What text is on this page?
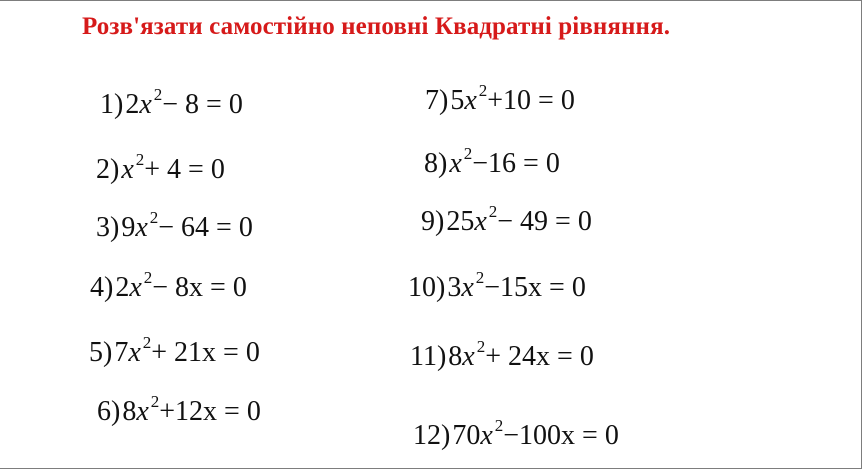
Розв'язати самостійно неповні Квадратні рівняння.
1)2x $^2$− 8 = 0
2)x $^2$+ 4 = 0
3)9x $^2$− 64 = 0
4)2x $^2$− 8x = 0
5)7x $^2$+ 21x = 0
6)8x $^2$+12x = 0
7)5x $^2$+10 = 0
8)x $^2$−16 = 0
9)25x $^2$− 49 = 0
10)3x $^2$−15x = 0
11)8x $^2$+ 24x = 0
12)70x $^2$−100x = 0
